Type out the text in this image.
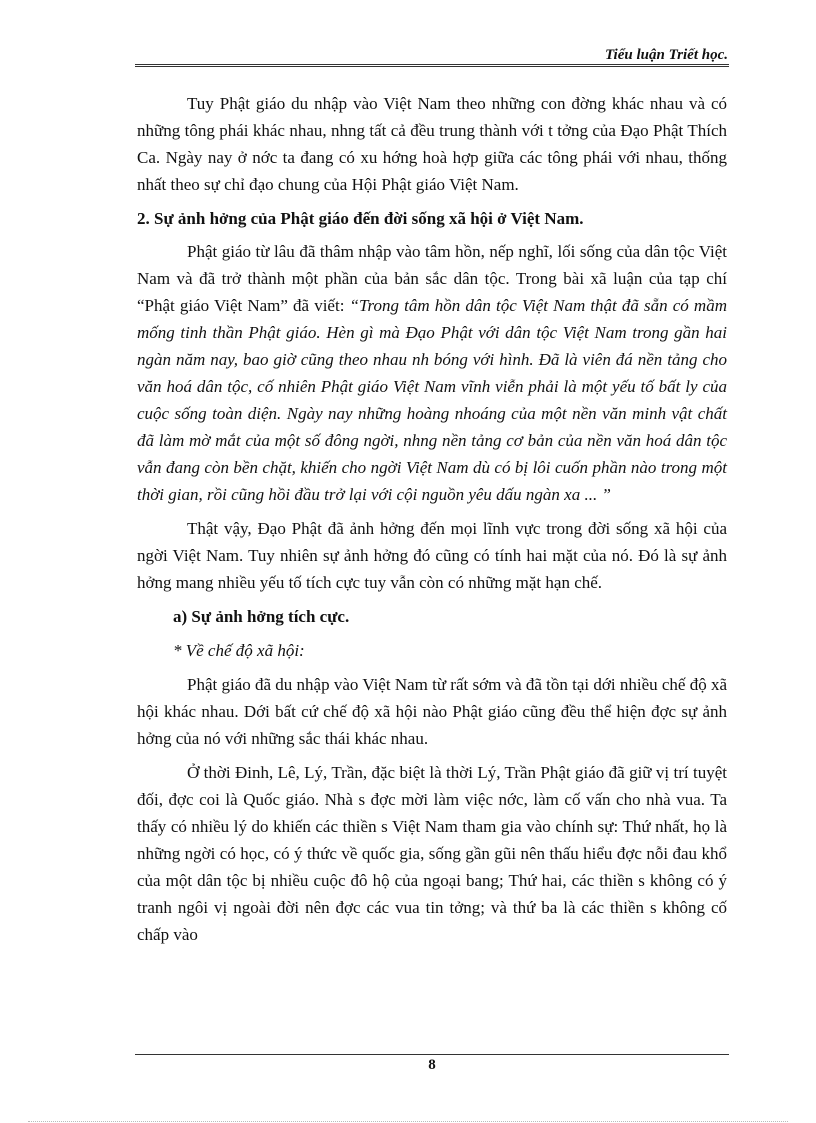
Tiểu luận Triết học.

Tuy Phật giáo du nhập vào Việt Nam theo những con đờng khác nhau và có những tông phái khác nhau, nhng tất cả đều trung thành với t tởng của Đạo Phật Thích Ca. Ngày nay ở nớc ta đang có xu hớng hoà hợp giữa các tông phái với nhau, thống nhất theo sự chỉ đạo chung của Hội Phật giáo Việt Nam.

2. Sự ảnh hởng của Phật giáo đến đời sống xã hội ở Việt Nam.

Phật giáo từ lâu đã thâm nhập vào tâm hồn, nếp nghĩ, lối sống của dân tộc Việt Nam và đã trở thành một phần của bản sắc dân tộc. Trong bài xã luận của tạp chí “Phật giáo Việt Nam” đã viết: “Trong tâm hồn dân tộc Việt Nam thật đã sẵn có mầm mống tinh thần Phật giáo. Hèn gì mà Đạo Phật với dân tộc Việt Nam trong gần hai ngàn năm nay, bao giờ cũng theo nhau nh bóng với hình. Đã là viên đá nền tảng cho văn hoá dân tộc, cố nhiên Phật giáo Việt Nam vĩnh viễn phải là một yếu tố bất ly của cuộc sống toàn diện. Ngày nay những hoàng nhoáng của một nền văn minh vật chất đã làm mờ mắt của một số đông ngời, nhng nền tảng cơ bản của nền văn hoá dân tộc vẫn đang còn bền chặt, khiến cho ngời Việt Nam dù có bị lôi cuốn phần nào trong một thời gian, rồi cũng hồi đầu trở lại với cội nguồn yêu dấu ngàn xa ... ”

Thật vậy, Đạo Phật đã ảnh hởng đến mọi lĩnh vực trong đời sống xã hội của ngời Việt Nam. Tuy nhiên sự ảnh hởng đó cũng có tính hai mặt của nó. Đó là sự ảnh hởng mang nhiều yếu tố tích cực tuy vẫn còn có những mặt hạn chế.

a) Sự ảnh hởng tích cực.

* Về chế độ xã hội:

Phật giáo đã du nhập vào Việt Nam từ rất sớm và đã tồn tại dới nhiều chế độ xã hội khác nhau. Dới bất cứ chế độ xã hội nào Phật giáo cũng đều thể hiện đợc sự ảnh hởng của nó với những sắc thái khác nhau.

Ở thời Đinh, Lê, Lý, Trần, đặc biệt là thời Lý, Trần Phật giáo đã giữ vị trí tuyệt đối, đợc coi là Quốc giáo. Nhà s đợc mời làm việc nớc, làm cố vấn cho nhà vua. Ta thấy có nhiều lý do khiến các thiền s Việt Nam tham gia vào chính sự: Thứ nhất, họ là những ngời có học, có ý thức về quốc gia, sống gần gũi nên thấu hiểu đợc nỗi đau khổ của một dân tộc bị nhiều cuộc đô hộ của ngoại bang; Thứ hai, các thiền s không có ý tranh ngôi vị ngoài đời nên đợc các vua tin tởng; và thứ ba là các thiền s không cố chấp vào

8
